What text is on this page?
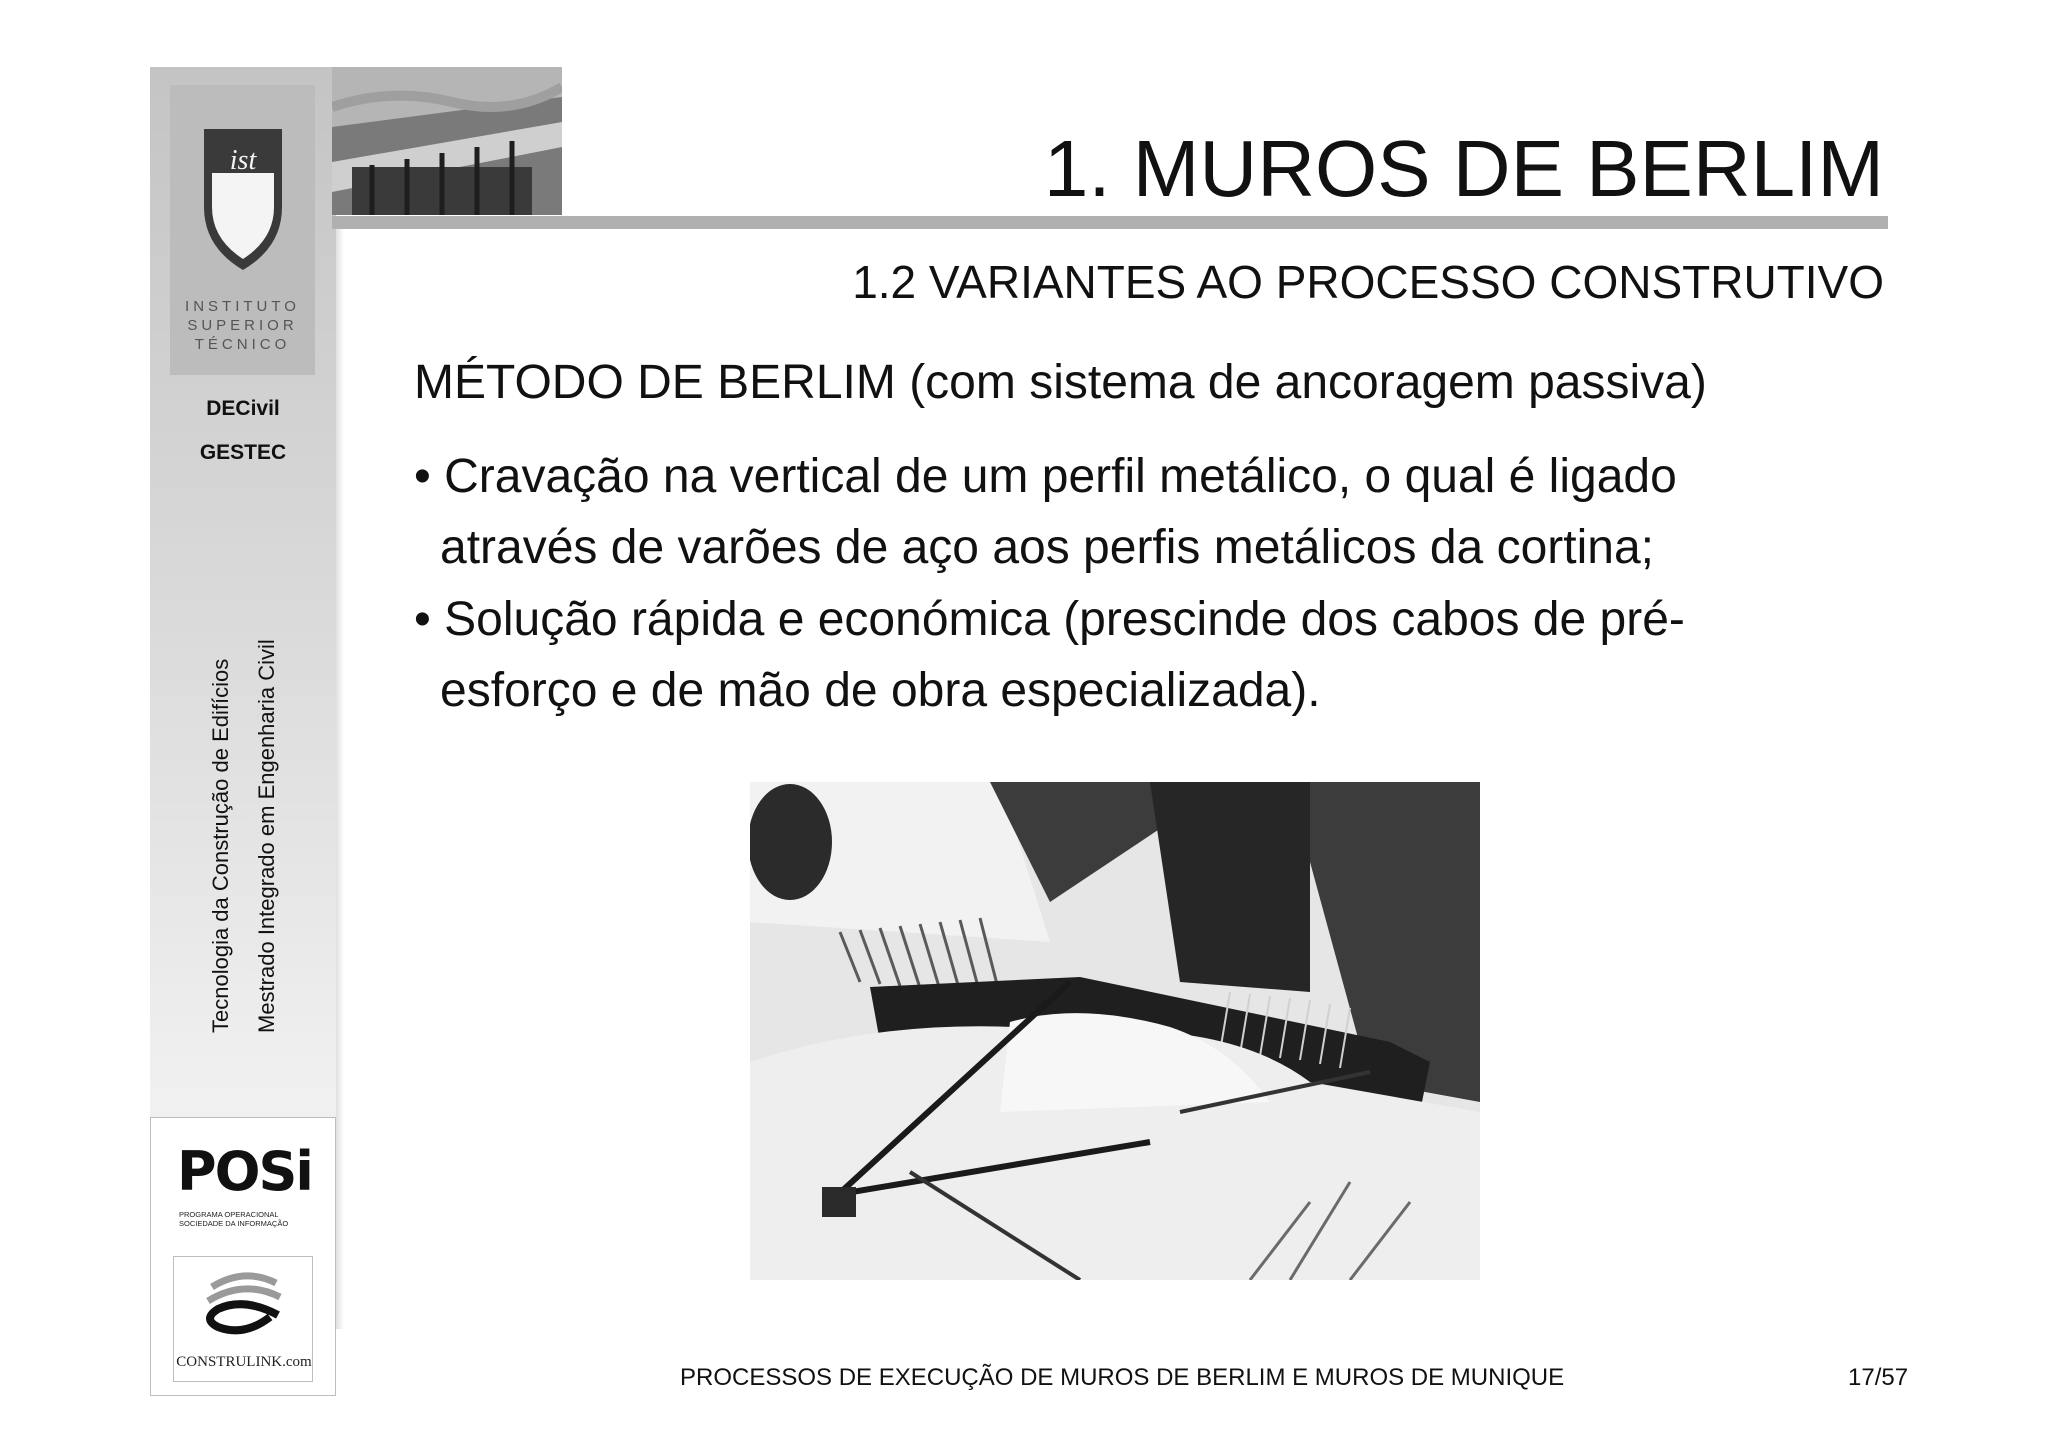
ist
INSTITUTO
SUPERIOR
TÉCNICO
DECivil
GESTEC
Tecnologia da Construção de Edifícios Mestrado Integrado em Engenharia Civil
POSi
PROGRAMA OPERACIONAL
SOCIEDADE DA INFORMAÇÃO
CONSTRULINK.com
1. MUROS DE BERLIM
1.2 VARIANTES AO PROCESSO CONSTRUTIVO
MÉTODO DE BERLIM (com sistema de ancoragem passiva)
• Cravação na vertical de um perfil metálico, o qual é ligado
através de varões de aço aos perfis metálicos da cortina;
• Solução rápida e económica (prescinde dos cabos de pré-
esforço e de mão de obra especializada).
PROCESSOS DE EXECUÇÃO DE MUROS DE BERLIM E MUROS DE MUNIQUE	17/57
